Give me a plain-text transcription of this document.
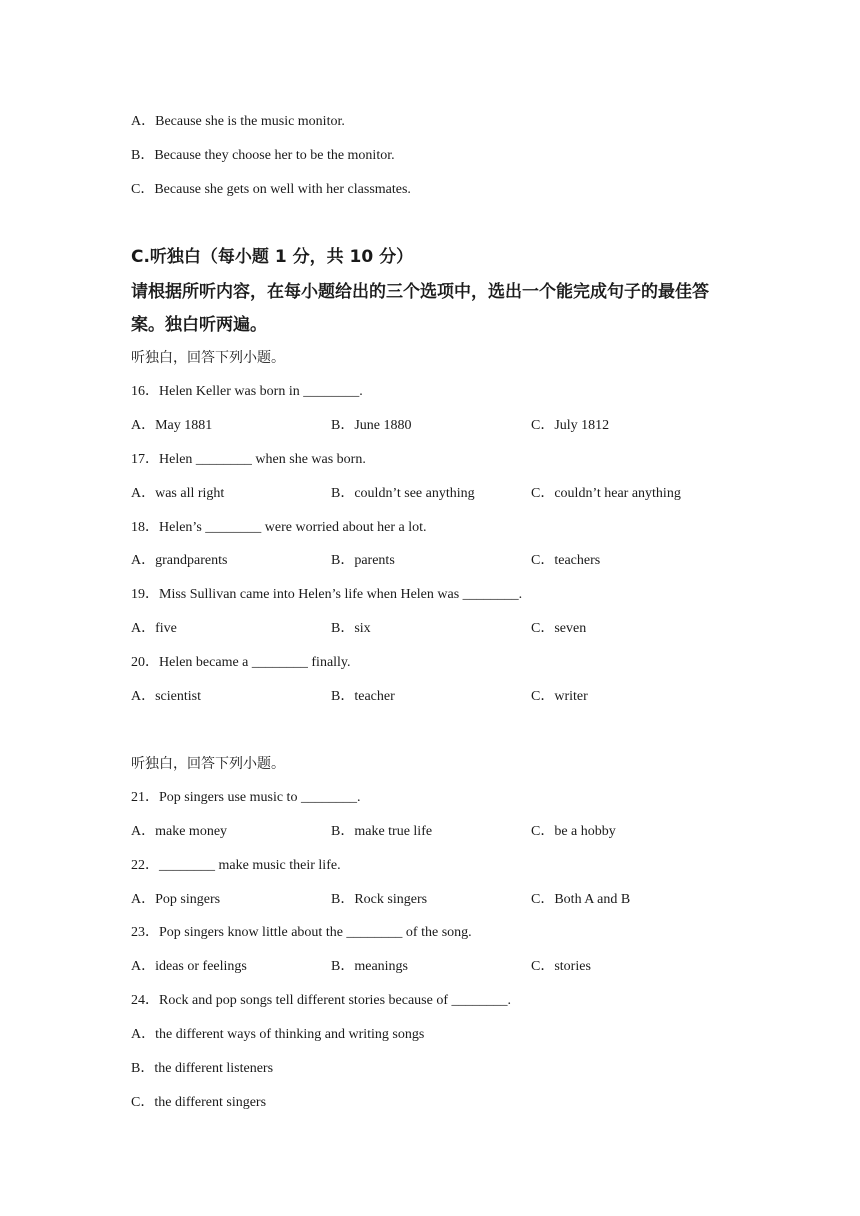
A．Because she is the music monitor.
B．Because they choose her to be the monitor.
C．Because she gets on well with her classmates.
C.听独白（每小题 1 分，共 10 分）
请根据所听内容，在每小题给出的三个选项中，选出一个能完成句子的最佳答
案。独白听两遍。
听独白，回答下列小题。
16．Helen Keller was born in ________.
A．May 1881	B．June 1880	C．July 1812
17．Helen ________ when she was born.
A．was all right	B．couldn’t see anything	C．couldn’t hear anything
18．Helen’s ________ were worried about her a lot.
A．grandparents	B．parents	C．teachers
19．Miss Sullivan came into Helen’s life when Helen was ________.
A．five	B．six	C．seven
20．Helen became a ________ finally.
A．scientist	B．teacher	C．writer
听独白，回答下列小题。
21．Pop singers use music to ________.
A．make money	B．make true life	C．be a hobby
22．________ make music their life.
A．Pop singers	B．Rock singers	C．Both A and B
23．Pop singers know little about the ________ of the song.
A．ideas or feelings	B．meanings	C．stories
24．Rock and pop songs tell different stories because of ________.
A．the different ways of thinking and writing songs
B．the different listeners
C．the different singers
